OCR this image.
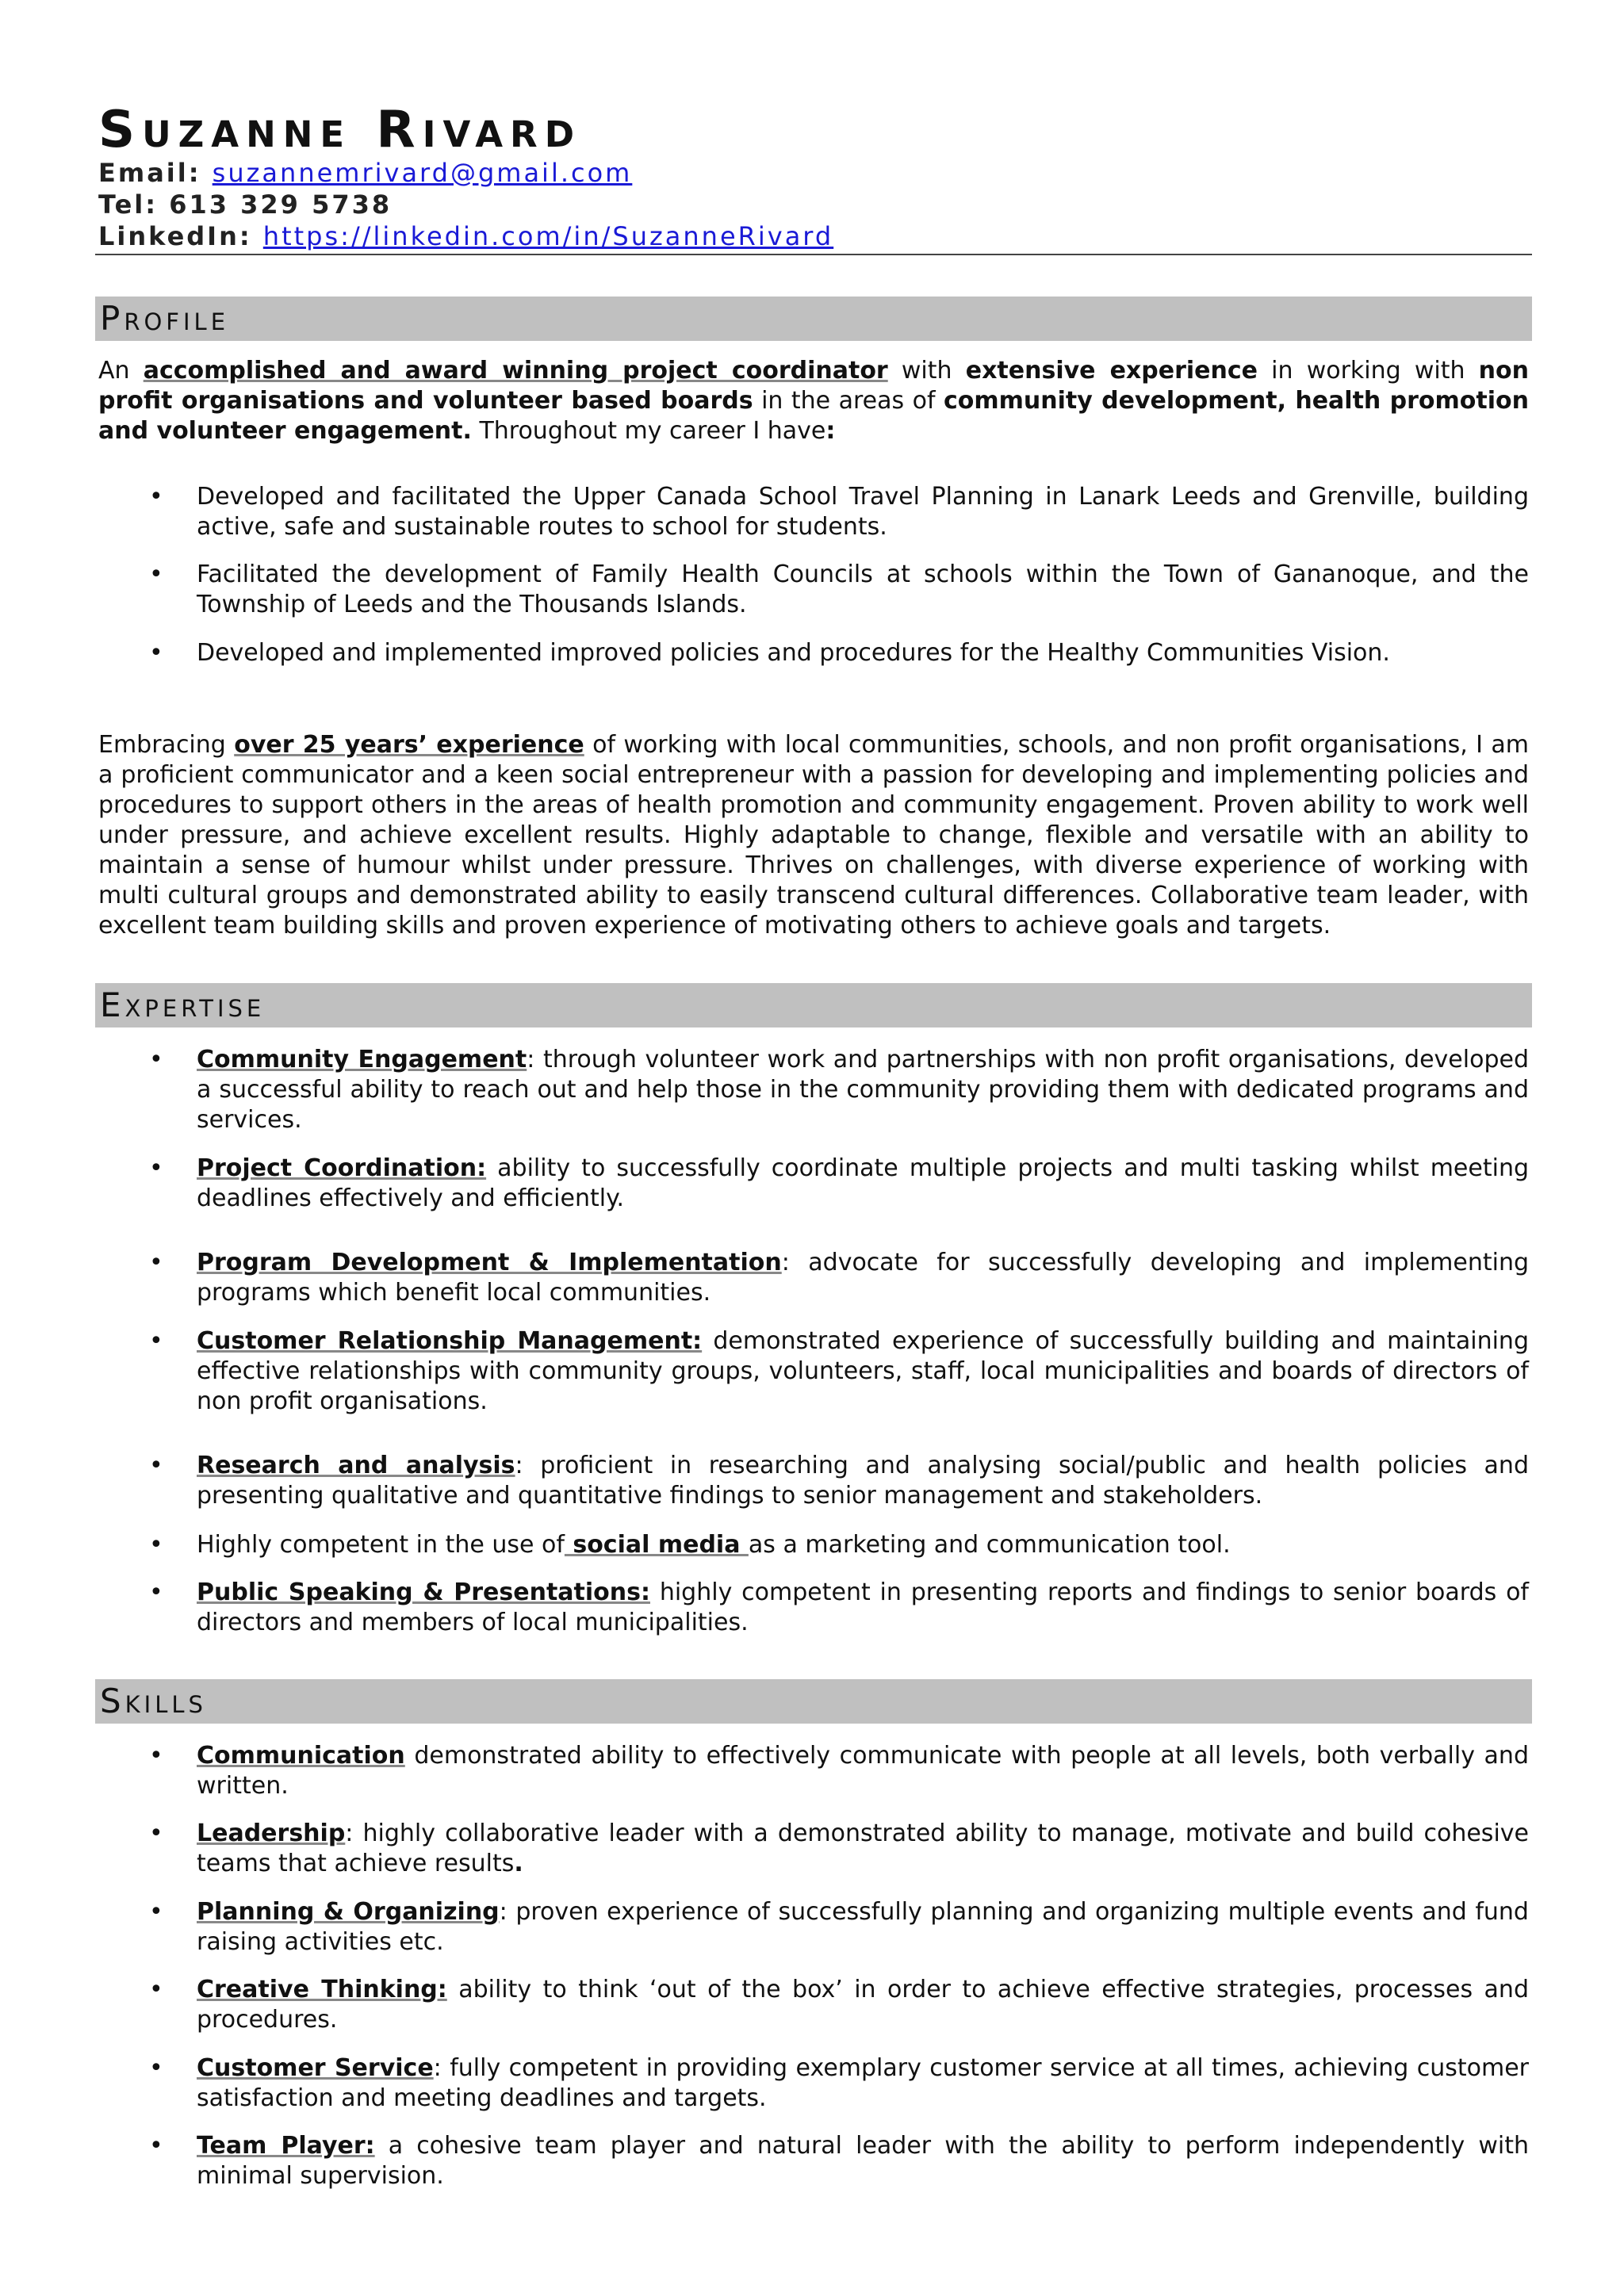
Suzanne Rivard
Email: suzannemrivard@gmail.com
Tel: 613 329 5738
LinkedIn: https://linkedin.com/in/SuzanneRivard
Profile
An accomplished and award winning project coordinator with extensive experience in working with non profit organisations and volunteer based boards in the areas of community development, health promotion and volunteer engagement. Throughout my career I have:
• Developed and facilitated the Upper Canada School Travel Planning in Lanark Leeds and Grenville, building active, safe and sustainable routes to school for students.
• Facilitated the development of Family Health Councils at schools within the Town of Gananoque, and the Township of Leeds and the Thousands Islands.
• Developed and implemented improved policies and procedures for the Healthy Communities Vision.
Embracing over 25 years’ experience of working with local communities, schools, and non profit organisations, I am a proficient communicator and a keen social entrepreneur with a passion for developing and implementing policies and procedures to support others in the areas of health promotion and community engagement. Proven ability to work well under pressure, and achieve excellent results. Highly adaptable to change, flexible and versatile with an ability to maintain a sense of humour whilst under pressure. Thrives on challenges, with diverse experience of working with multi cultural groups and demonstrated ability to easily transcend cultural differences. Collaborative team leader, with excellent team building skills and proven experience of motivating others to achieve goals and targets.
Expertise
• Community Engagement: through volunteer work and partnerships with non profit organisations, developed a successful ability to reach out and help those in the community providing them with dedicated programs and services.
• Project Coordination: ability to successfully coordinate multiple projects and multi tasking whilst meeting deadlines effectively and efficiently.
• Program Development & Implementation: advocate for successfully developing and implementing programs which benefit local communities.
• Customer Relationship Management: demonstrated experience of successfully building and maintaining effective relationships with community groups, volunteers, staff, local municipalities and boards of directors of non profit organisations.
• Research and analysis: proficient in researching and analysing social/public and health policies and presenting qualitative and quantitative findings to senior management and stakeholders.
• Highly competent in the use of social media as a marketing and communication tool.
• Public Speaking & Presentations: highly competent in presenting reports and findings to senior boards of directors and members of local municipalities.
Skills
• Communication demonstrated ability to effectively communicate with people at all levels, both verbally and written.
• Leadership: highly collaborative leader with a demonstrated ability to manage, motivate and build cohesive teams that achieve results.
• Planning & Organizing: proven experience of successfully planning and organizing multiple events and fund raising activities etc.
• Creative Thinking: ability to think ‘out of the box’ in order to achieve effective strategies, processes and procedures.
• Customer Service: fully competent in providing exemplary customer service at all times, achieving customer satisfaction and meeting deadlines and targets.
• Team Player: a cohesive team player and natural leader with the ability to perform independently with minimal supervision.
